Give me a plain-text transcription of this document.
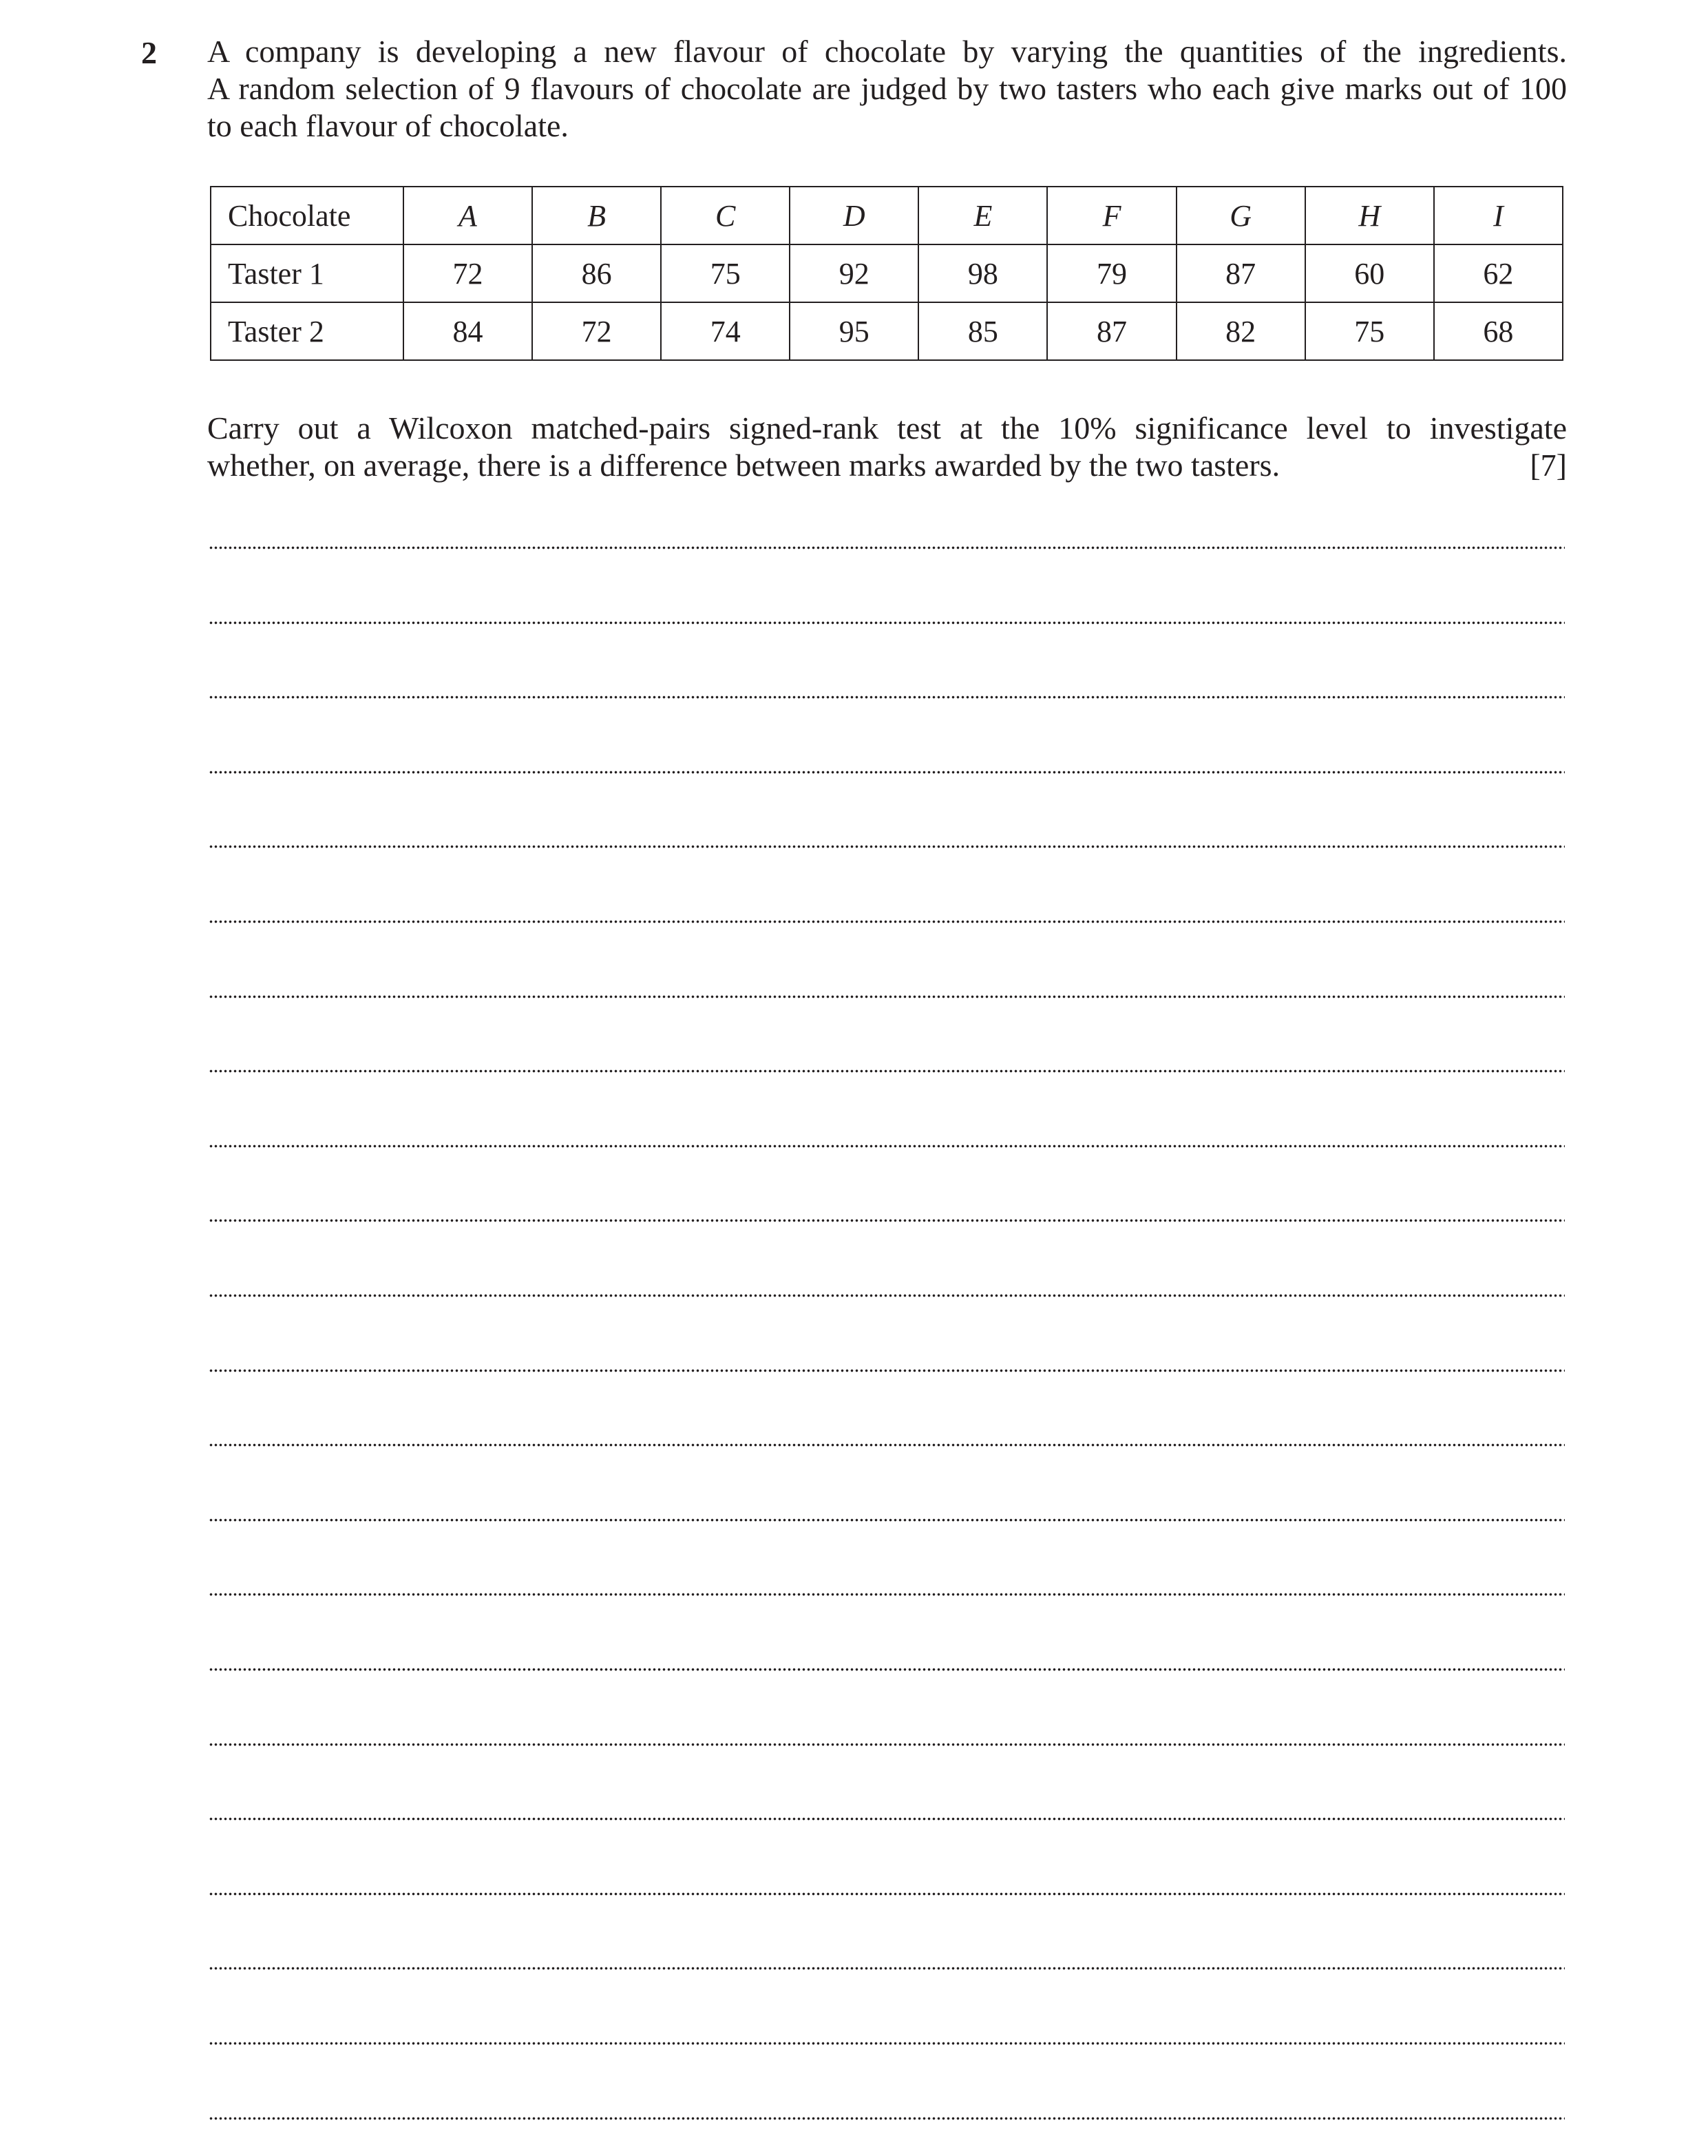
2 A company is developing a new flavour of chocolate by varying the quantities of the ingredients.
A random selection of 9 flavours of chocolate are judged by two tasters who each give marks out of 100
to each flavour of chocolate.
Chocolate	A	B	C	D	E	F	G	H	I
Taster 1	72	86	75	92	98	79	87	60	62
Taster 2	84	72	74	95	85	87	82	75	68
Carry out a Wilcoxon matched-pairs signed-rank test at the 10% significance level to investigate
whether, on average, there is a difference between marks awarded by the two tasters.	[7]
